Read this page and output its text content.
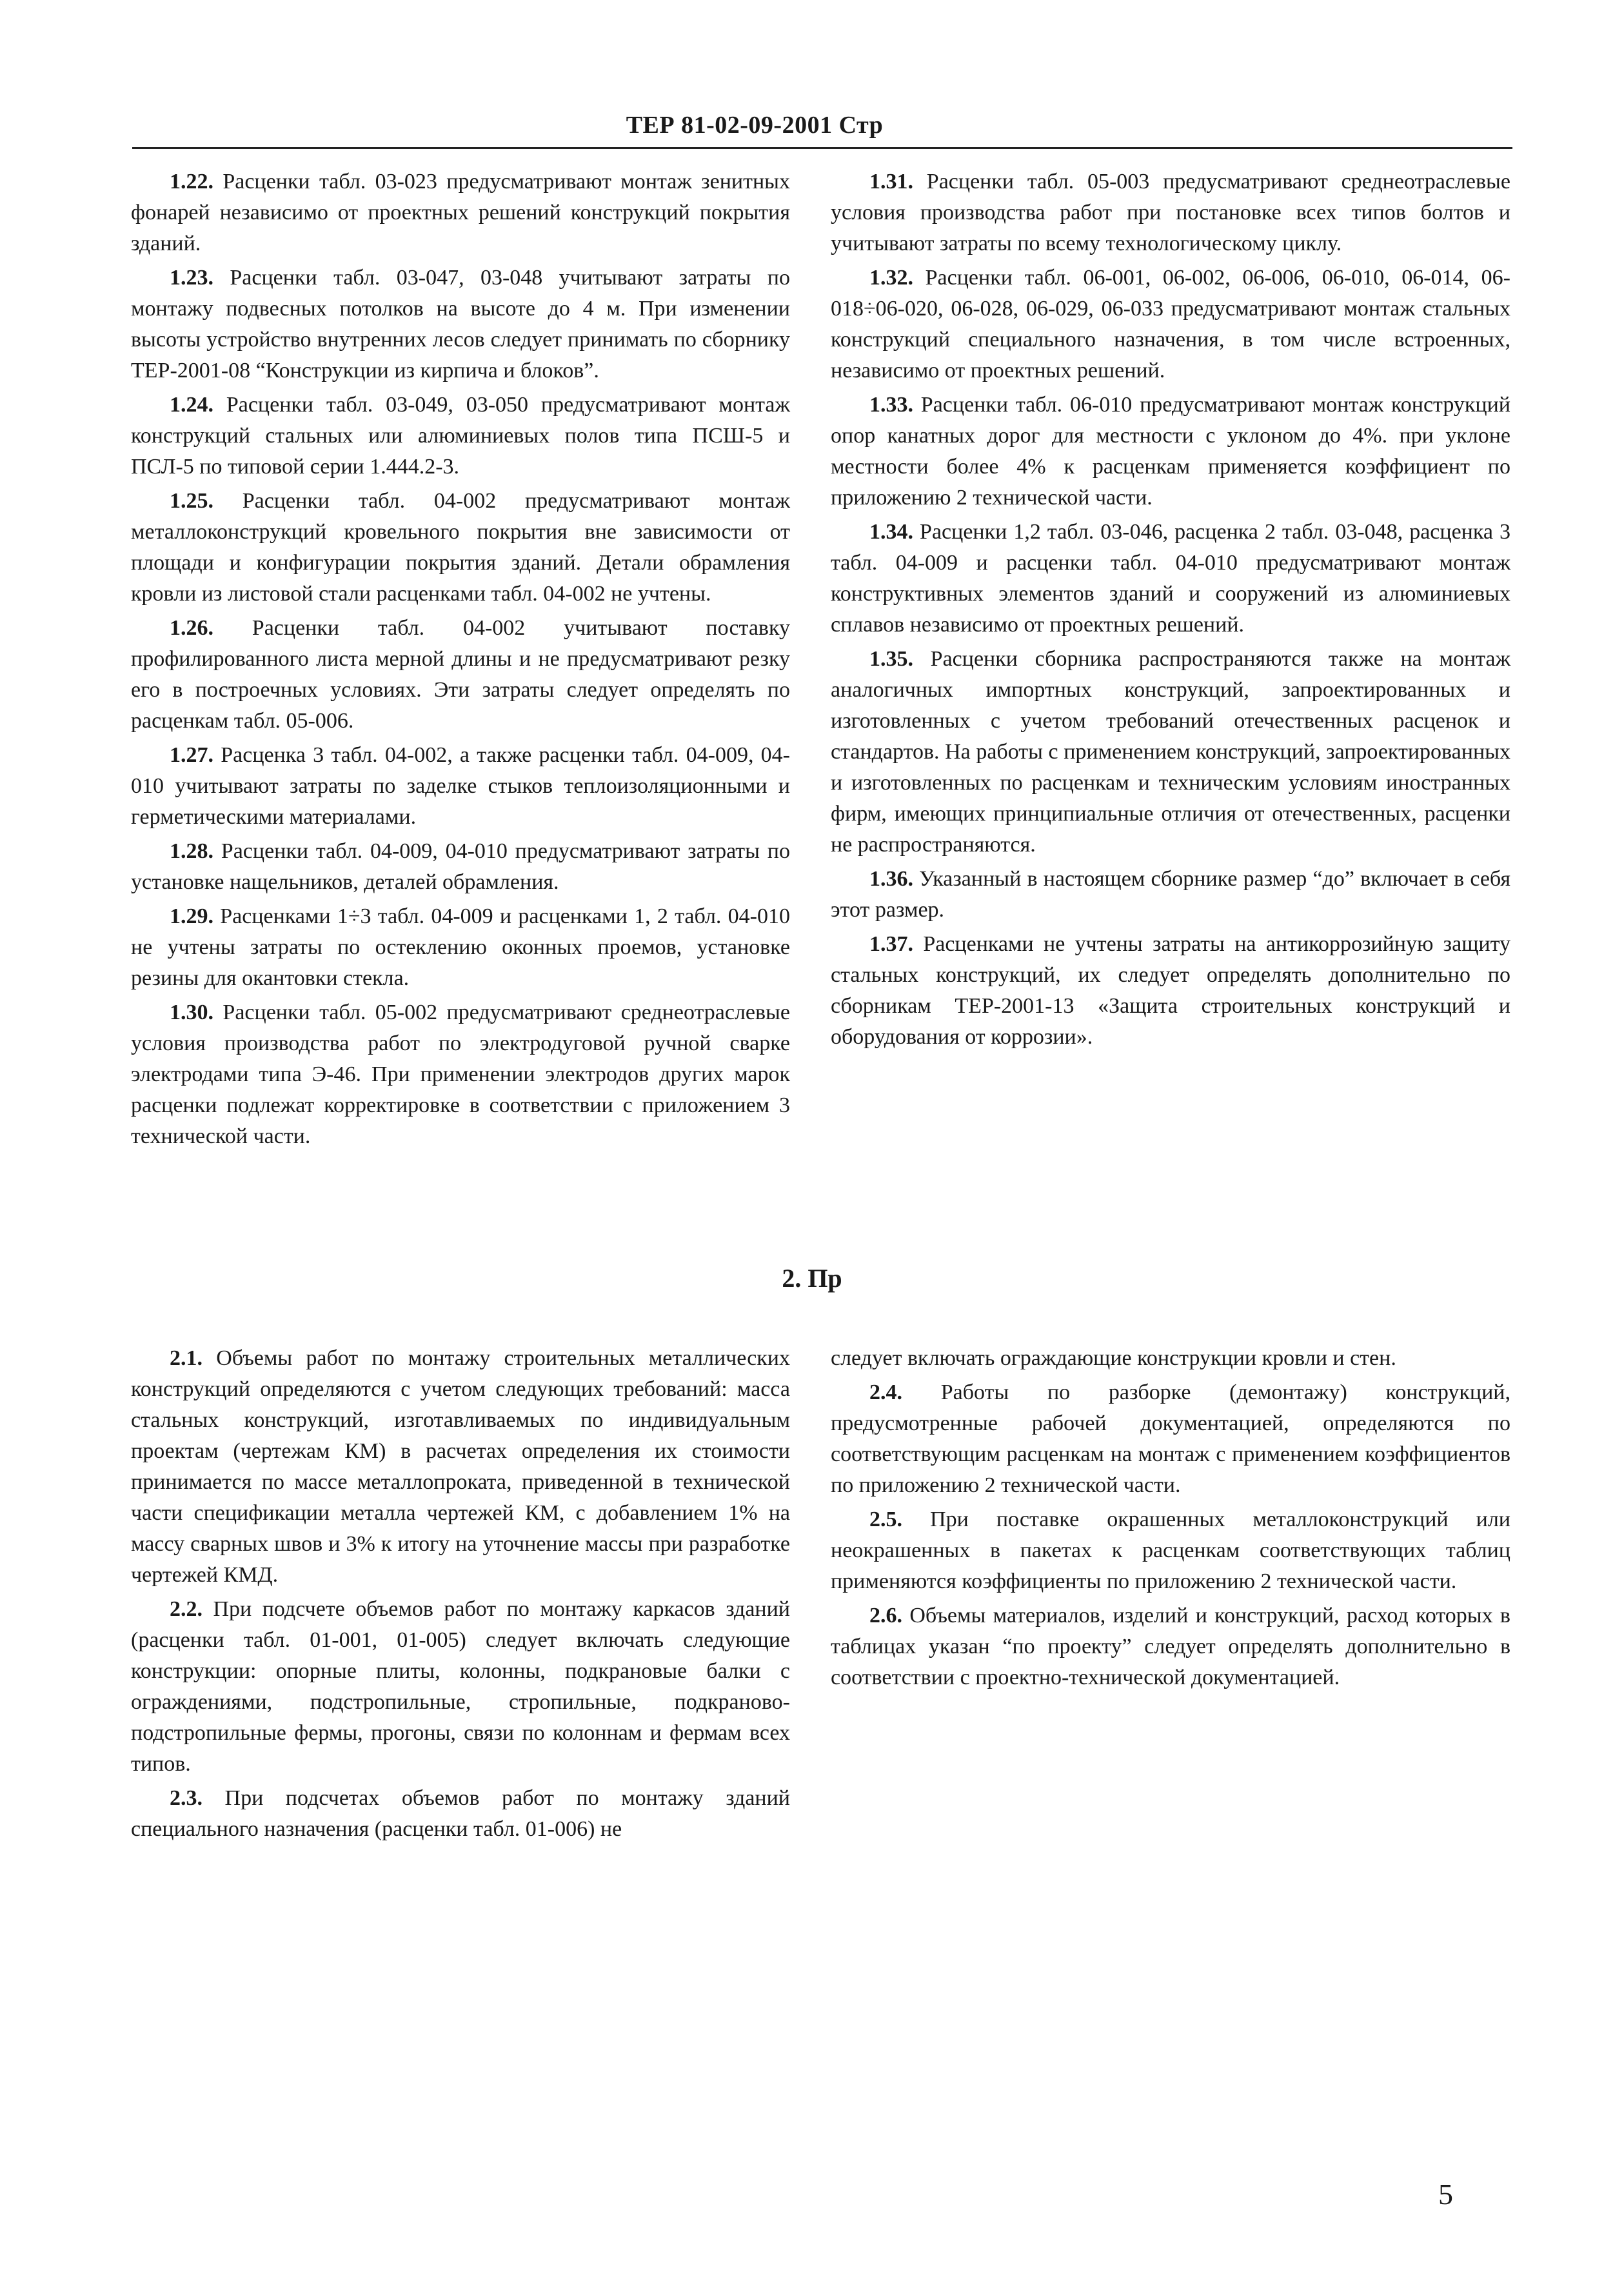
ТЕР 81-02-09-2001 Стр

1.22. Расценки табл. 03-023 предусматривают монтаж зенитных фонарей независимо от проектных решений конструкций покрытия зданий.

1.23. Расценки табл. 03-047, 03-048 учитывают затраты по монтажу подвесных потолков на высоте до 4 м. При изменении высоты устройство внутренних лесов следует принимать по сборнику ТЕР-2001-08 “Конструкции из кирпича и блоков”.

1.24. Расценки табл. 03-049, 03-050 предусматривают монтаж конструкций стальных или алюминиевых полов типа ПСШ-5 и ПСЛ-5 по типовой серии 1.444.2-3.

1.25. Расценки табл. 04-002 предусматривают монтаж металлоконструкций кровельного покрытия вне зависимости от площади и конфигурации покрытия зданий. Детали обрамления кровли из листовой стали расценками табл. 04-002 не учтены.

1.26. Расценки табл. 04-002 учитывают поставку профилированного листа мерной длины и не предусматривают резку его в построечных условиях. Эти затраты следует определять по расценкам табл. 05-006.

1.27. Расценка 3 табл. 04-002, а также расценки табл. 04-009, 04-010 учитывают затраты по заделке стыков теплоизоляционными и герметическими материалами.

1.28. Расценки табл. 04-009, 04-010 предусматривают затраты по установке нащельников, деталей обрамления.

1.29. Расценками 1÷3 табл. 04-009 и расценками 1, 2 табл. 04-010 не учтены затраты по остеклению оконных проемов, установке резины для окантовки стекла.

1.30. Расценки табл. 05-002 предусматривают среднеотраслевые условия производства работ по электродуговой ручной сварке электродами типа Э-46. При применении электродов других марок расценки подлежат корректировке в соответствии с приложением 3 технической части.

1.31. Расценки табл. 05-003 предусматривают среднеотраслевые условия производства работ при постановке всех типов болтов и учитывают затраты по всему технологическому циклу.

1.32. Расценки табл. 06-001, 06-002, 06-006, 06-010, 06-014, 06-018÷06-020, 06-028, 06-029, 06-033 предусматривают монтаж стальных конструкций специального назначения, в том числе встроенных, независимо от проектных решений.

1.33. Расценки табл. 06-010 предусматривают монтаж конструкций опор канатных дорог для местности с уклоном до 4%. при уклоне местности более 4% к расценкам применяется коэффициент по приложению 2 технической части.

1.34. Расценки 1,2 табл. 03-046, расценка 2 табл. 03-048, расценка 3 табл. 04-009 и расценки табл. 04-010 предусматривают монтаж конструктивных элементов зданий и сооружений из алюминиевых сплавов независимо от проектных решений.

1.35. Расценки сборника распространяются также на монтаж аналогичных импортных конструкций, запроектированных и изготовленных с учетом требований отечественных расценок и стандартов. На работы с применением конструкций, запроектированных и изготовленных по расценкам и техническим условиям иностранных фирм, имеющих принципиальные отличия от отечественных, расценки не распространяются.

1.36. Указанный в настоящем сборнике размер “до” включает в себя этот размер.

1.37. Расценками не учтены затраты на антикоррозийную защиту стальных конструкций, их следует определять дополнительно по сборникам ТЕР-2001-13 «Защита строительных конструкций и оборудования от коррозии».

2. Пр

2.1. Объемы работ по монтажу строительных металлических конструкций определяются с учетом следующих требований: масса стальных конструкций, изготавливаемых по индивидуальным проектам (чертежам КМ) в расчетах определения их стоимости принимается по массе металлопроката, приведенной в технической части спецификации металла чертежей КМ, с добавлением 1% на массу сварных швов и 3% к итогу на уточнение массы при разработке чертежей КМД.

2.2. При подсчете объемов работ по монтажу каркасов зданий (расценки табл. 01-001, 01-005) следует включать следующие конструкции: опорные плиты, колонны, подкрановые балки с ограждениями, подстропильные, стропильные, подкраново-подстропильные фермы, прогоны, связи по колоннам и фермам всех типов.

2.3. При подсчетах объемов работ по монтажу зданий специального назначения (расценки табл. 01-006) не

следует включать ограждающие конструкции кровли и стен.

2.4. Работы по разборке (демонтажу) конструкций, предусмотренные рабочей документацией, определяются по соответствующим расценкам на монтаж с применением коэффициентов по приложению 2 технической части.

2.5. При поставке окрашенных металлоконструкций или неокрашенных в пакетах к расценкам соответствующих таблиц применяются коэффициенты по приложению 2 технической части.

2.6. Объемы материалов, изделий и конструкций, расход которых в таблицах указан “по проекту” следует определять дополнительно в соответствии с проектно-технической документацией.

5
